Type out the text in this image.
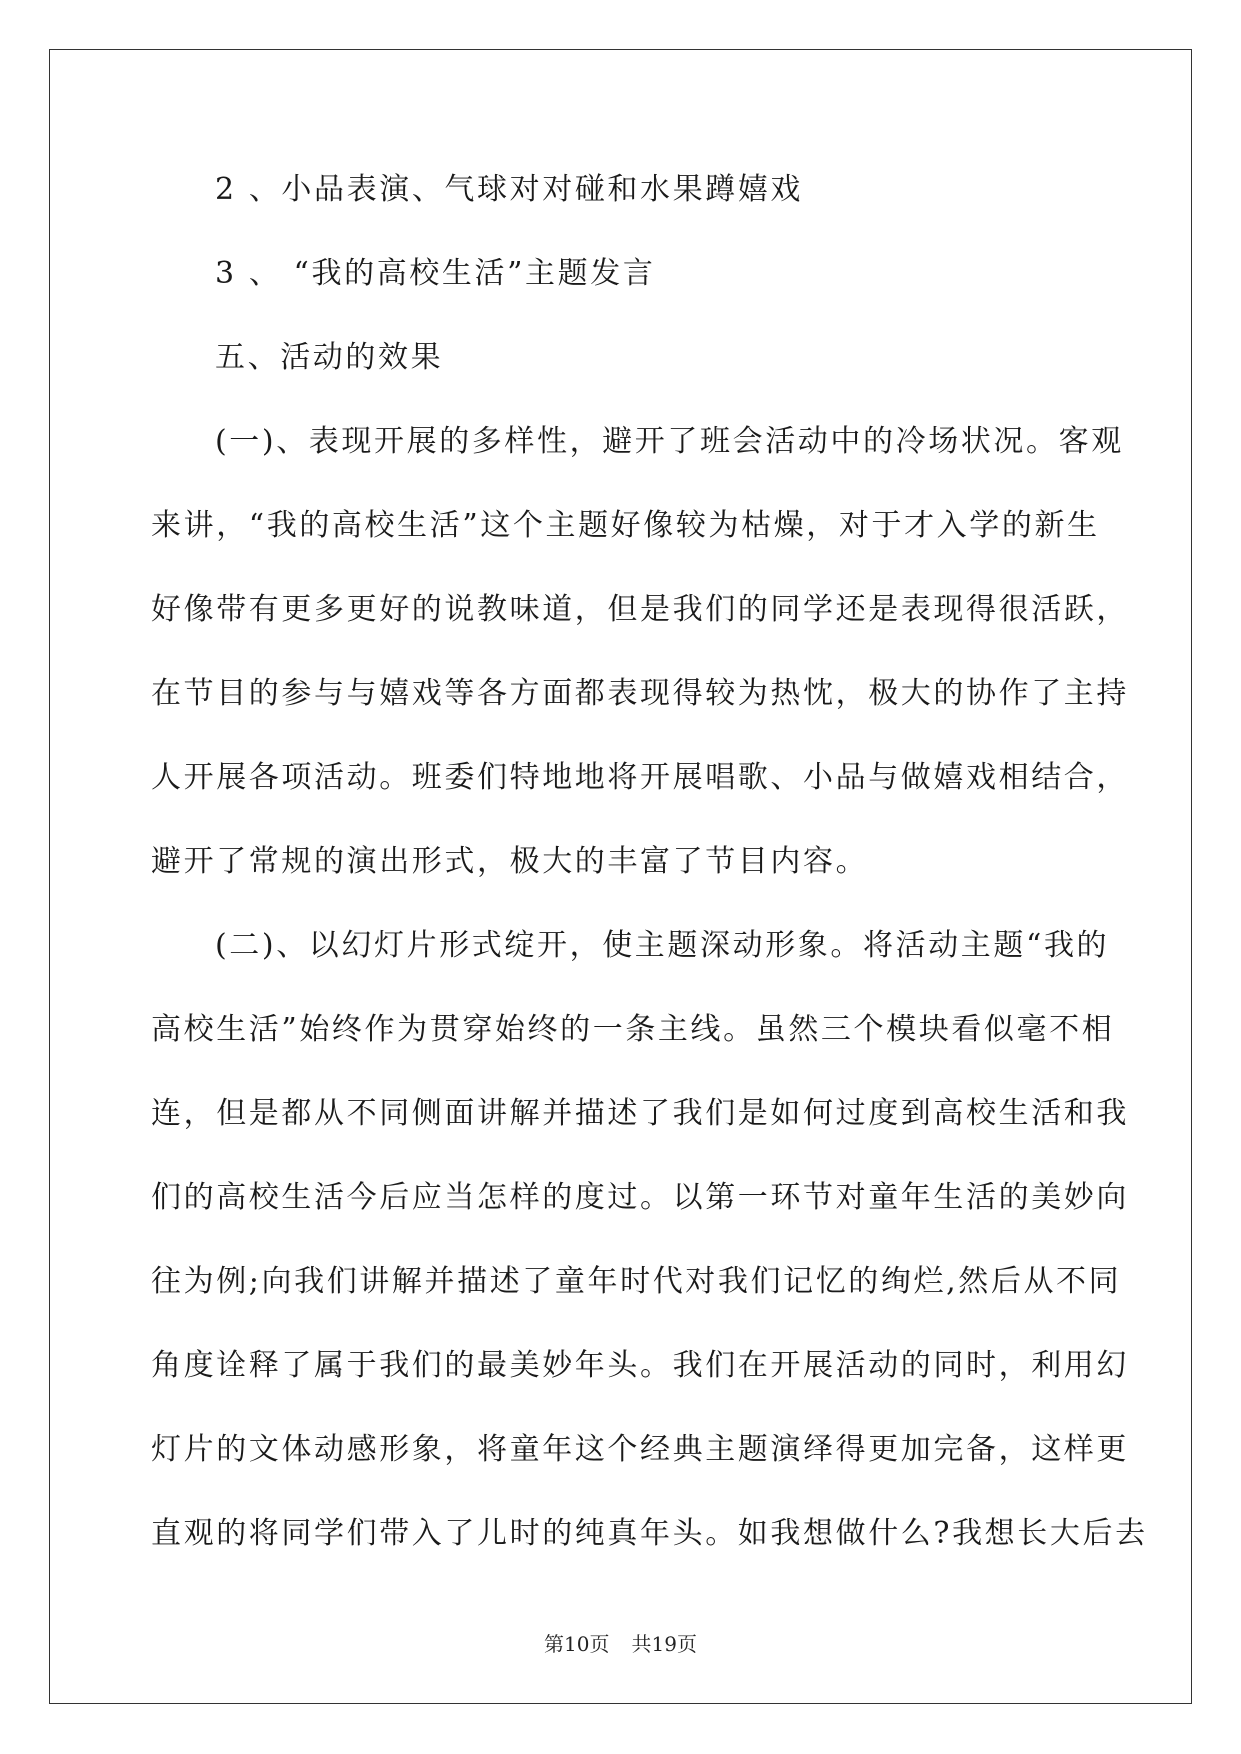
2 、小品表演、气球对对碰和水果蹲嬉戏
3 、 “我的高校生活”主题发言
五、活动的效果
(一)、表现开展的多样性，避开了班会活动中的冷场状况。客观
来讲，“我的高校生活”这个主题好像较为枯燥，对于才入学的新生
好像带有更多更好的说教味道，但是我们的同学还是表现得很活跃，
在节目的参与与嬉戏等各方面都表现得较为热忱，极大的协作了主持
人开展各项活动。班委们特地地将开展唱歌、小品与做嬉戏相结合，
避开了常规的演出形式，极大的丰富了节目内容。
(二)、以幻灯片形式绽开，使主题深动形象。将活动主题“我的
高校生活”始终作为贯穿始终的一条主线。虽然三个模块看似毫不相
连，但是都从不同侧面讲解并描述了我们是如何过度到高校生活和我
们的高校生活今后应当怎样的度过。以第一环节对童年生活的美妙向
往为例;向我们讲解并描述了童年时代对我们记忆的绚烂,然后从不同
角度诠释了属于我们的最美妙年头。我们在开展活动的同时，利用幻
灯片的文体动感形象，将童年这个经典主题演绎得更加完备，这样更
直观的将同学们带入了儿时的纯真年头。如我想做什么?我想长大后去
第10页 共19页
